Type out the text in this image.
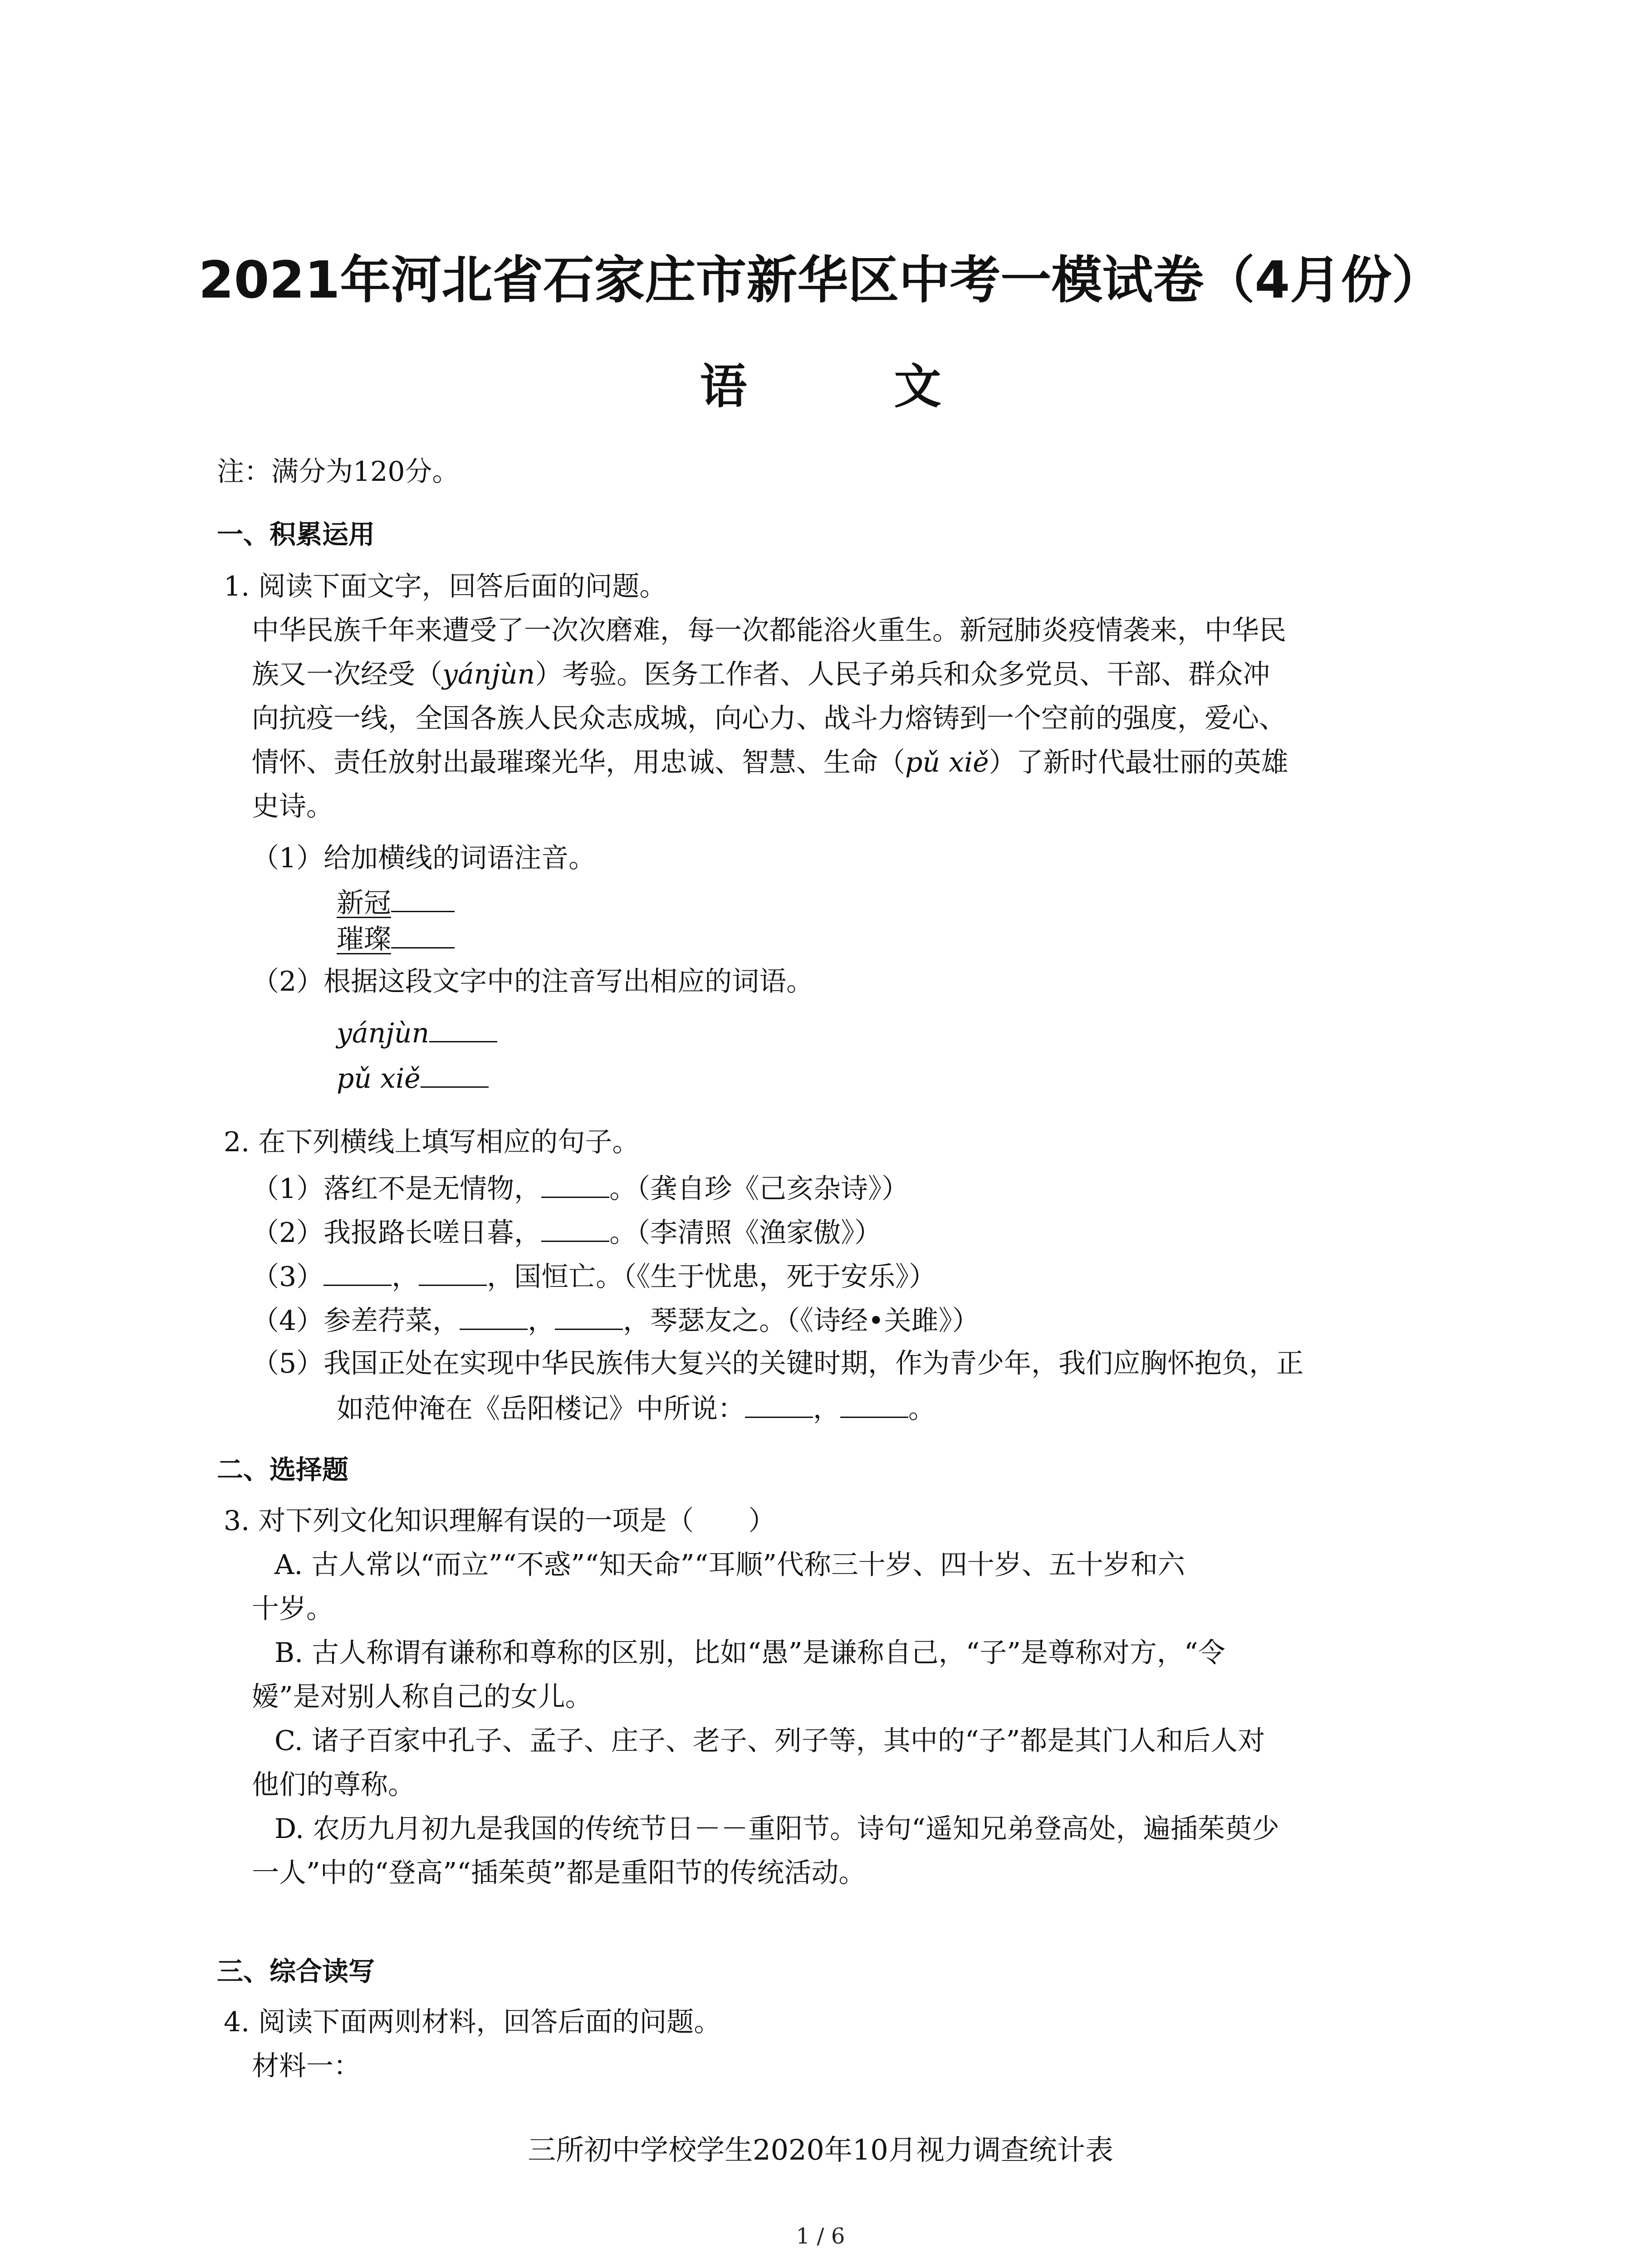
2021年河北省石家庄市新华区中考一模试卷（4月份）
语　文
注：满分为120分。
一、积累运用
1. 阅读下面文字，回答后面的问题。
中华民族千年来遭受了一次次磨难，每一次都能浴火重生。新冠肺炎疫情袭来，中华民
族又一次经受（yánjùn）考验。医务工作者、人民子弟兵和众多党员、干部、群众冲
向抗疫一线，全国各族人民众志成城，向心力、战斗力熔铸到一个空前的强度，爱心、
情怀、责任放射出最璀璨光华，用忠诚、智慧、生命（pǔ xiě）了新时代最壮丽的英雄
史诗。
（1）给加横线的词语注音。
新冠
璀璨
（2）根据这段文字中的注音写出相应的词语。
yánjùn
pǔ xiě
2. 在下列横线上填写相应的句子。
（1）落红不是无情物，	。（龚自珍《己亥杂诗》）
（2）我报路长嗟日暮，	。（李清照《渔家傲》）
（3）	，	，国恒亡。（《生于忧患，死于安乐》）
（4）参差荇菜，	，	，琴瑟友之。（《诗经•关雎》）
（5）我国正处在实现中华民族伟大复兴的关键时期，作为青少年，我们应胸怀抱负，正
如范仲淹在《岳阳楼记》中所说：	，	。
二、选择题
3. 对下列文化知识理解有误的一项是（　　）
A. 古人常以“而立”“不惑”“知天命”“耳顺”代称三十岁、四十岁、五十岁和六
十岁。
B. 古人称谓有谦称和尊称的区别，比如“愚”是谦称自己，“子”是尊称对方，“令
嫒”是对别人称自己的女儿。
C. 诸子百家中孔子、孟子、庄子、老子、列子等，其中的“子”都是其门人和后人对
他们的尊称。
D. 农历九月初九是我国的传统节日－－重阳节。诗句“遥知兄弟登高处，遍插茱萸少
一人”中的“登高”“插茱萸”都是重阳节的传统活动。
三、综合读写
4. 阅读下面两则材料，回答后面的问题。
材料一：
三所初中学校学生2020年10月视力调查统计表
1 / 6
